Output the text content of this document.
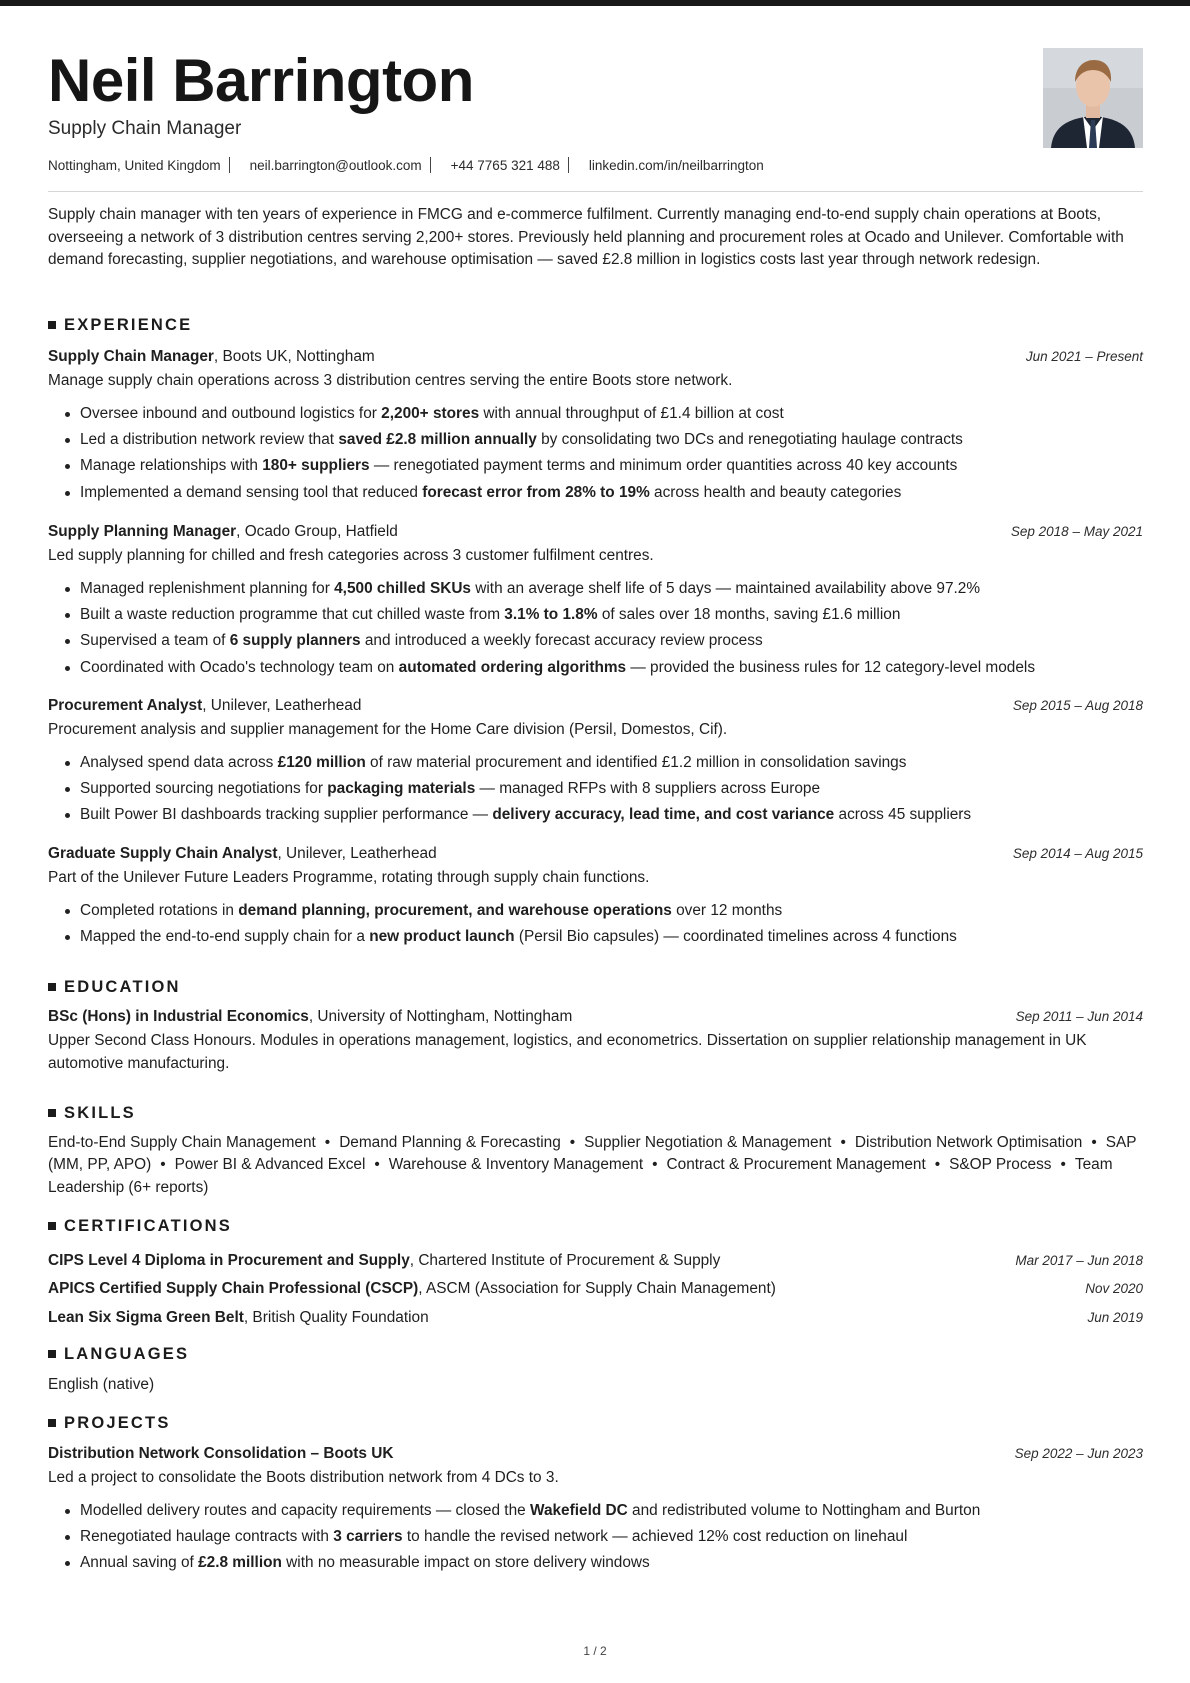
Neil Barrington
Supply Chain Manager
Nottingham, United Kingdom neil.barrington@outlook.com +44 7765 321 488 linkedin.com/in/neilbarrington

Supply chain manager with ten years of experience in FMCG and e-commerce fulfilment. Currently managing end-to-end supply chain operations at Boots, overseeing a network of 3 distribution centres serving 2,200+ stores. Previously held planning and procurement roles at Ocado and Unilever. Comfortable with demand forecasting, supplier negotiations, and warehouse optimisation — saved £2.8 million in logistics costs last year through network redesign.

EXPERIENCE
Supply Chain Manager, Boots UK, Nottingham	Jun 2021 – Present
Manage supply chain operations across 3 distribution centres serving the entire Boots store network.
Oversee inbound and outbound logistics for 2,200+ stores with annual throughput of £1.4 billion at cost
Led a distribution network review that saved £2.8 million annually by consolidating two DCs and renegotiating haulage contracts
Manage relationships with 180+ suppliers — renegotiated payment terms and minimum order quantities across 40 key accounts
Implemented a demand sensing tool that reduced forecast error from 28% to 19% across health and beauty categories
Supply Planning Manager, Ocado Group, Hatfield	Sep 2018 – May 2021
Led supply planning for chilled and fresh categories across 3 customer fulfilment centres.
Managed replenishment planning for 4,500 chilled SKUs with an average shelf life of 5 days — maintained availability above 97.2%
Built a waste reduction programme that cut chilled waste from 3.1% to 1.8% of sales over 18 months, saving £1.6 million
Supervised a team of 6 supply planners and introduced a weekly forecast accuracy review process
Coordinated with Ocado's technology team on automated ordering algorithms — provided the business rules for 12 category-level models
Procurement Analyst, Unilever, Leatherhead	Sep 2015 – Aug 2018
Procurement analysis and supplier management for the Home Care division (Persil, Domestos, Cif).
Analysed spend data across £120 million of raw material procurement and identified £1.2 million in consolidation savings
Supported sourcing negotiations for packaging materials — managed RFPs with 8 suppliers across Europe
Built Power BI dashboards tracking supplier performance — delivery accuracy, lead time, and cost variance across 45 suppliers
Graduate Supply Chain Analyst, Unilever, Leatherhead	Sep 2014 – Aug 2015
Part of the Unilever Future Leaders Programme, rotating through supply chain functions.
Completed rotations in demand planning, procurement, and warehouse operations over 12 months
Mapped the end-to-end supply chain for a new product launch (Persil Bio capsules) — coordinated timelines across 4 functions
EDUCATION
BSc (Hons) in Industrial Economics, University of Nottingham, Nottingham	Sep 2011 – Jun 2014
Upper Second Class Honours. Modules in operations management, logistics, and econometrics. Dissertation on supplier relationship management in UK automotive manufacturing.
SKILLS
End-to-End Supply Chain Management • Demand Planning & Forecasting • Supplier Negotiation & Management • Distribution Network Optimisation • SAP (MM, PP, APO) • Power BI & Advanced Excel • Warehouse & Inventory Management • Contract & Procurement Management • S&OP Process • Team Leadership (6+ reports)
CERTIFICATIONS
CIPS Level 4 Diploma in Procurement and Supply, Chartered Institute of Procurement & Supply	Mar 2017 – Jun 2018
APICS Certified Supply Chain Professional (CSCP), ASCM (Association for Supply Chain Management)	Nov 2020
Lean Six Sigma Green Belt, British Quality Foundation	Jun 2019
LANGUAGES
English (native)
PROJECTS
Distribution Network Consolidation – Boots UK	Sep 2022 – Jun 2023
Led a project to consolidate the Boots distribution network from 4 DCs to 3.
Modelled delivery routes and capacity requirements — closed the Wakefield DC and redistributed volume to Nottingham and Burton
Renegotiated haulage contracts with 3 carriers to handle the revised network — achieved 12% cost reduction on linehaul
Annual saving of £2.8 million with no measurable impact on store delivery windows
1 / 2
